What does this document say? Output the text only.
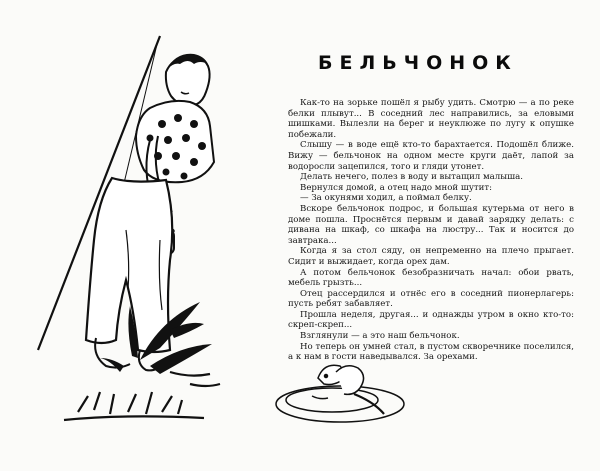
БЕЛЬЧОНОК

Как-то на зорьке пошёл я рыбу удить. Смотрю — а по реке белки плывут... В соседний лес направились, за еловыми шишками. Вылезли на берег и неуклюже по лугу к опушке побежали.

Слышу — в воде ещё кто-то барахтается. Подошёл ближе. Вижу — бельчонок на одном месте круги даёт, лапой за водоросли зацепился, того и гляди утонет.

Делать нечего, полез в воду и вытащил малыша.

Вернулся домой, а отец надо мной шутит:

— За окунями ходил, а поймал белку.

Вскоре бельчонок подрос, и большая кутерьма от него в доме пошла. Проснётся первым и давай зарядку делать: с дивана на шкаф, со шкафа на люстру... Так и носится до завтрака...

Когда я за стол сяду, он непременно на плечо прыгает. Сидит и выжидает, когда орех дам.

А потом бельчонок безобразничать начал: обои рвать, мебель грызть...

Отец рассердился и отнёс его в соседний пионерлагерь: пусть ребят забавляет.

Прошла неделя, другая... и однажды утром в окно кто-то: скреп-скреп...

Взглянули — а это наш бельчонок.

Но теперь он умней стал, в пустом скворечнике поселился, а к нам в гости наведывался. За орехами.
